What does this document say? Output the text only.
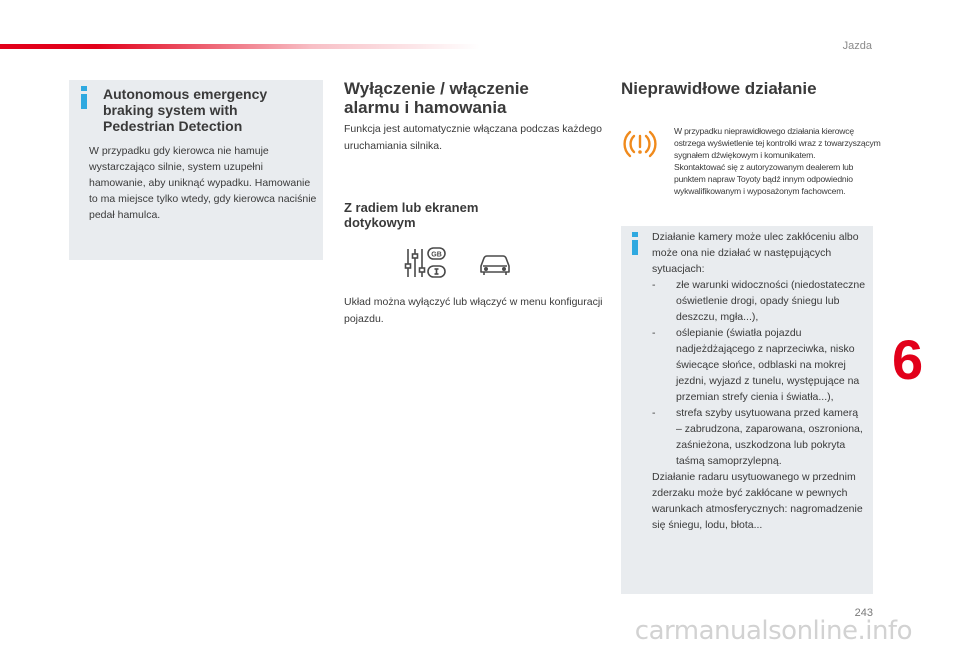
Jazda
Autonomous emergency braking system with Pedestrian Detection
W przypadku gdy kierowca nie hamuje wystarczająco silnie, system uzupełni hamowanie, aby uniknąć wypadku. Hamowanie to ma miejsce tylko wtedy, gdy kierowca naciśnie pedał hamulca.
Wyłączenie / włączenie alarmu i hamowania
Funkcja jest automatycznie włączana podczas każdego uruchamiania silnika.
Z radiem lub ekranem dotykowym
GB
Układ można wyłączyć lub włączyć w menu konfiguracji pojazdu.
Nieprawidłowe działanie
W przypadku nieprawidłowego działania kierowcę ostrzega wyświetlenie tej kontrolki wraz z towarzyszącym sygnałem dźwiękowym i komunikatem.
Skontaktować się z autoryzowanym dealerem lub punktem napraw Toyoty bądź innym odpowiednio wykwalifikowanym i wyposażonym fachowcem.

Działanie kamery może ulec zakłóceniu albo może ona nie działać w następujących sytuacjach:

- złe warunki widoczności (niedostateczne oświetlenie drogi, opady śniegu lub deszczu, mgła...),
- oślepianie (światła pojazdu nadjeżdżającego z naprzeciwka, nisko świecące słońce, odblaski na mokrej jezdni, wyjazd z tunelu, występujące na przemian strefy cienia i światła...),
- strefa szyby usytuowana przed kamerą – zabrudzona, zaparowana, oszroniona, zaśnieżona, uszkodzona lub pokryta taśmą samoprzylepną.

Działanie radaru usytuowanego w przednim zderzaku może być zakłócane w pewnych warunkach atmosferycznych: nagromadzenie się śniegu, lodu, błota...

6
243
carmanualsonline.info
